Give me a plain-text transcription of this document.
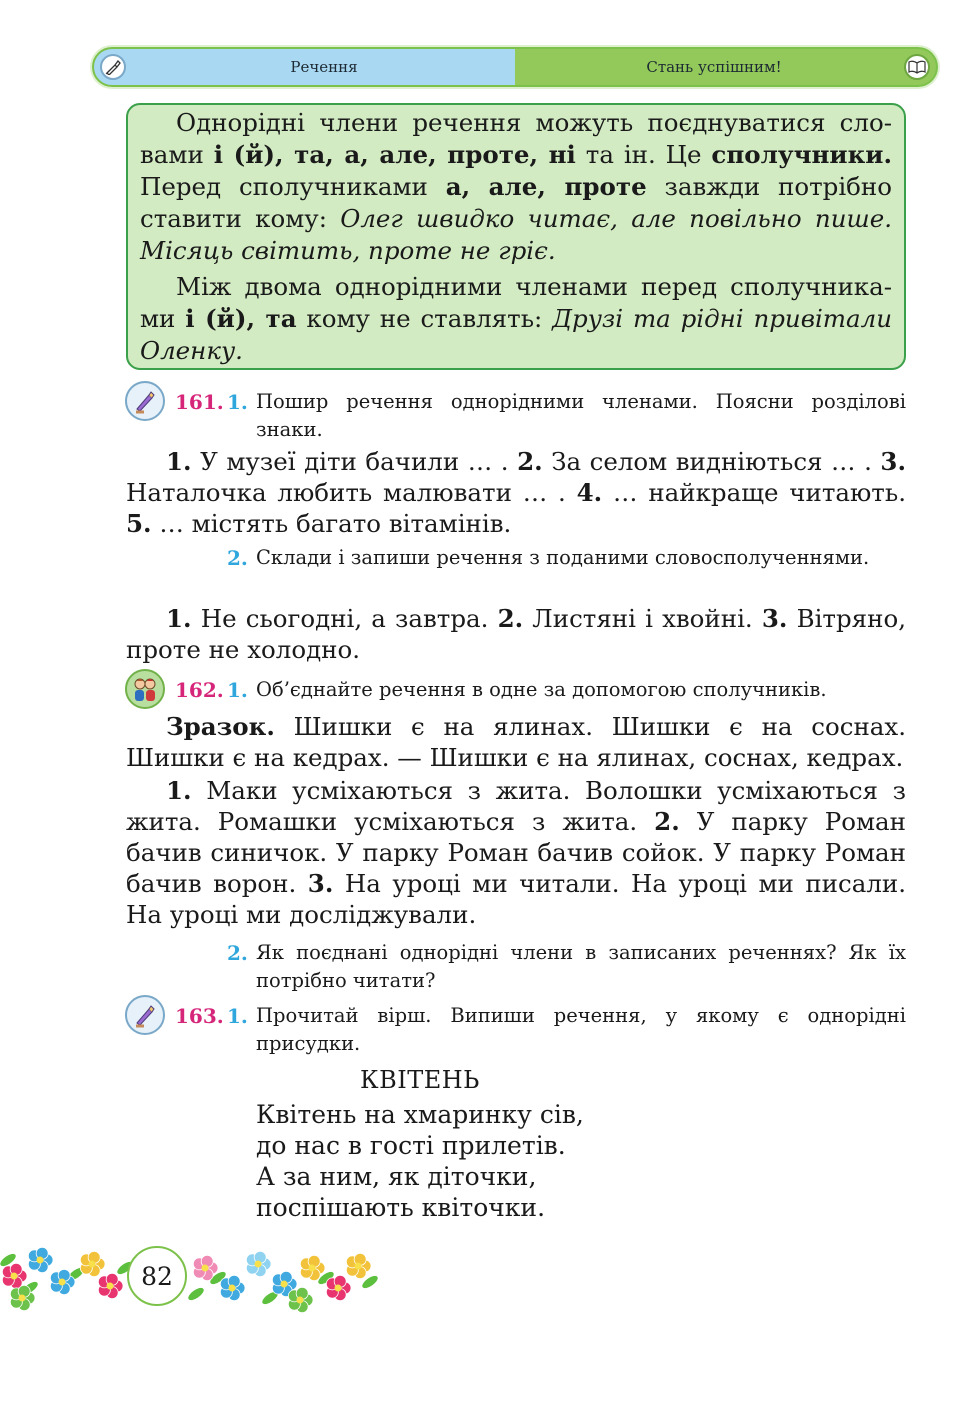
Речення	Стань успішним!

Однорідні члени речення можуть поєднуватися словами і (й), та, а, але, проте, ні та ін. Це сполучники. Перед сполучниками а, але, проте завжди потрібно ставити кому: Олег швидко читає, але повільно пише. Місяць світить, проте не гріє.

Між двома однорідними членами перед сполучниками і (й), та кому не ставлять: Друзі та рідні привітали Оленку.

161. 1. Пошир речення однорідними членами. Поясни розділові знаки.

1. У музеї діти бачили … . 2. За селом видніються … . 3. Наталочка любить малювати … . 4. … найкраще читають. 5. … містять багато вітамінів.

2. Склади і запиши речення з поданими словосполученнями.

1. Не сьогодні, а завтра. 2. Листяні і хвойні. 3. Вітряно, проте не холодно.

162. 1. Об’єднайте речення в одне за допомогою сполучників.

Зразок. Шишки є на ялинах. Шишки є на соснах. Шишки є на кедрах. — Шишки є на ялинах, соснах, кедрах.

1. Маки усміхаються з жита. Волошки усміхаються з жита. Ромашки усміхаються з жита. 2. У парку Роман бачив синичок. У парку Роман бачив сойок. У парку Роман бачив ворон. 3. На уроці ми читали. На уроці ми писали. На уроці ми досліджували.

2. Як поєднані однорідні члени в записаних реченнях? Як їх потрібно читати?
163. 1. Прочитай вірш. Випиши речення, у якому є однорідні присудки.
КВІТЕНЬ
Квітень на хмаринку сів,
до нас в гості прилетів.
А за ним, як діточки,
поспішають квіточки.
82
